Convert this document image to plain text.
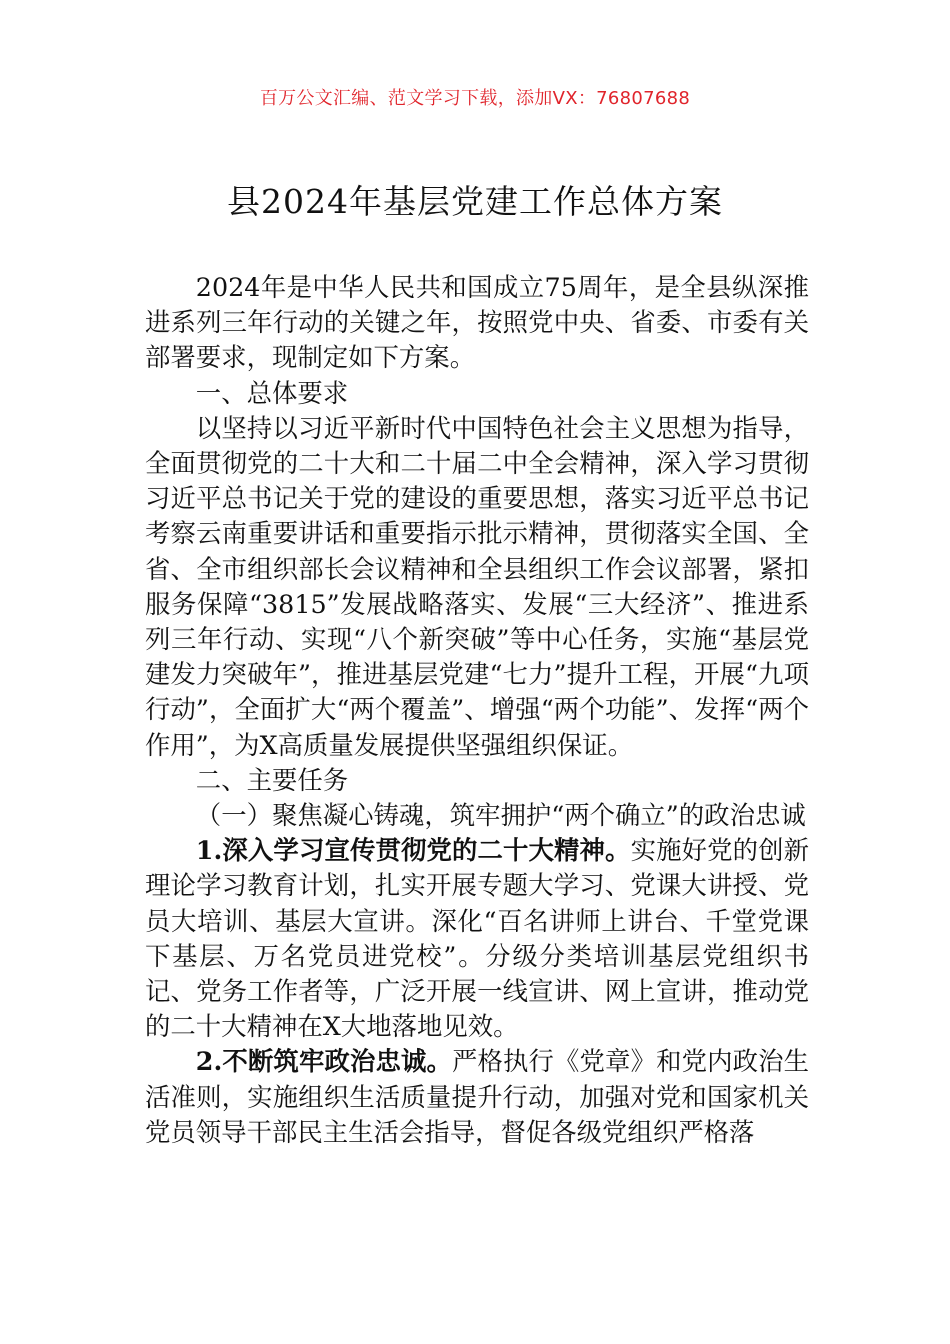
百万公文汇编、范文学习下载，添加VX：76807688
县2024年基层党建工作总体方案

2024年是中华人民共和国成立75周年，是全县纵深推进系列三年行动的关键之年，按照党中央、省委、市委有关部署要求，现制定如下方案。

一、总体要求

以坚持以习近平新时代中国特色社会主义思想为指导，全面贯彻党的二十大和二十届二中全会精神，深入学习贯彻习近平总书记关于党的建设的重要思想，落实习近平总书记考察云南重要讲话和重要指示批示精神，贯彻落实全国、全省、全市组织部长会议精神和全县组织工作会议部署，紧扣服务保障“3815”发展战略落实、发展“三大经济”、推进系列三年行动、实现“八个新突破”等中心任务，实施“基层党建发力突破年”，推进基层党建“七力”提升工程，开展“九项行动”，全面扩大“两个覆盖”、增强“两个功能”、发挥“两个作用”，为X高质量发展提供坚强组织保证。

二、主要任务

（一）聚焦凝心铸魂，筑牢拥护“两个确立”的政治忠诚

1.深入学习宣传贯彻党的二十大精神。实施好党的创新理论学习教育计划，扎实开展专题大学习、党课大讲授、党员大培训、基层大宣讲。深化“百名讲师上讲台、千堂党课下基层、万名党员进党校”。分级分类培训基层党组织书记、党务工作者等，广泛开展一线宣讲、网上宣讲，推动党的二十大精神在X大地落地见效。

2.不断筑牢政治忠诚。严格执行《党章》和党内政治生活准则，实施组织生活质量提升行动，加强对党和国家机关党员领导干部民主生活会指导，督促各级党组织严格落
